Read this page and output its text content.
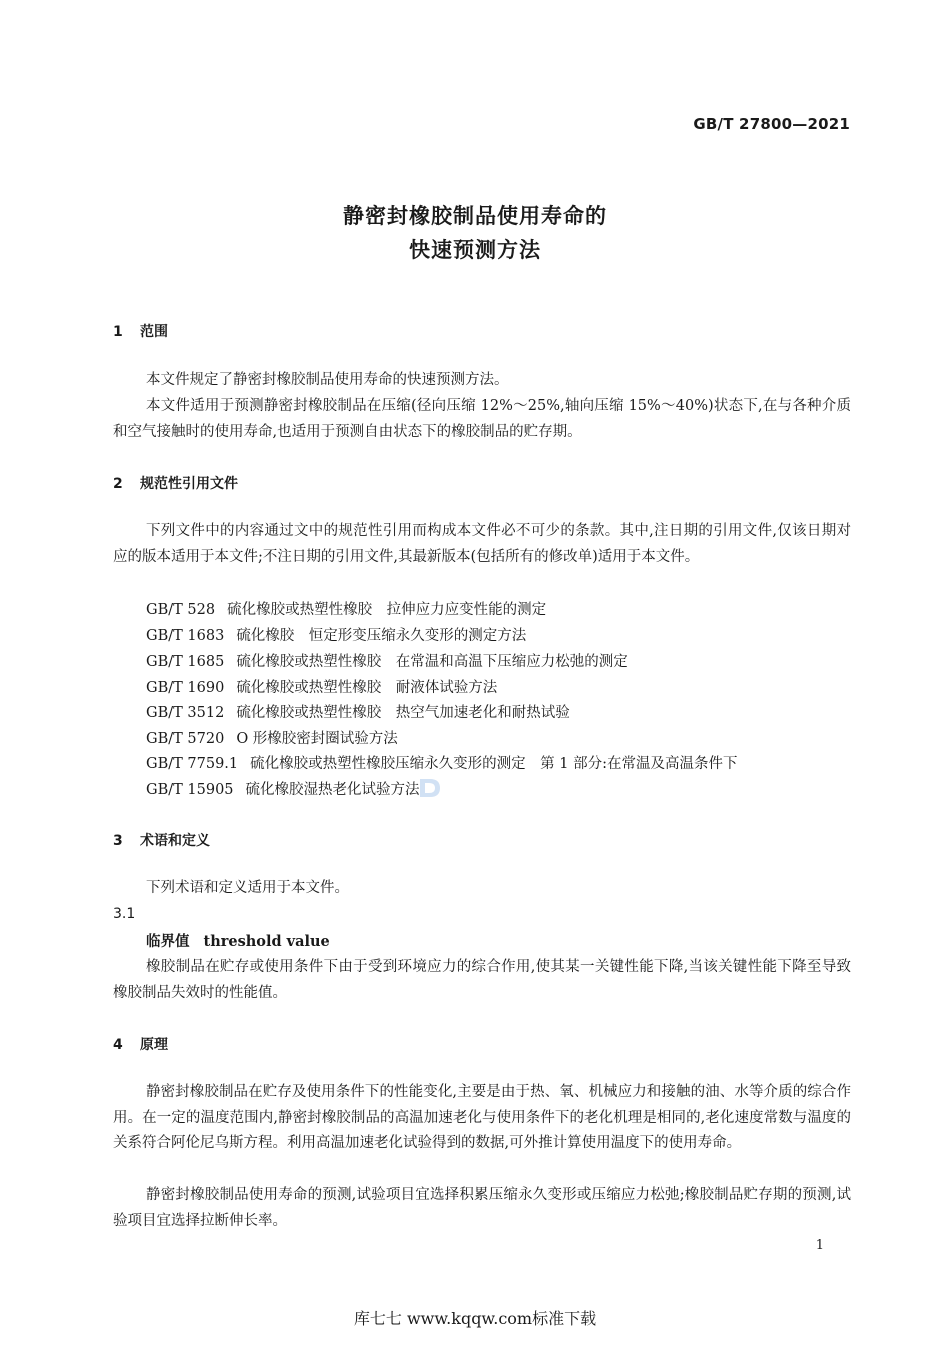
GB/T 27800—2021
静密封橡胶制品使用寿命的
快速预测方法
1 范围
本文件规定了静密封橡胶制品使用寿命的快速预测方法。
本文件适用于预测静密封橡胶制品在压缩(径向压缩 12%～25%,轴向压缩 15%～40%)状态下,在与各种介质和空气接触时的使用寿命,也适用于预测自由状态下的橡胶制品的贮存期。
2 规范性引用文件
下列文件中的内容通过文中的规范性引用而构成本文件必不可少的条款。其中,注日期的引用文件,仅该日期对应的版本适用于本文件;不注日期的引用文件,其最新版本(包括所有的修改单)适用于本文件。
GB/T 528 硫化橡胶或热塑性橡胶　拉伸应力应变性能的测定
GB/T 1683 硫化橡胶　恒定形变压缩永久变形的测定方法
GB/T 1685 硫化橡胶或热塑性橡胶　在常温和高温下压缩应力松弛的测定
GB/T 1690 硫化橡胶或热塑性橡胶　耐液体试验方法
GB/T 3512 硫化橡胶或热塑性橡胶　热空气加速老化和耐热试验
GB/T 5720 O 形橡胶密封圈试验方法
GB/T 7759.1 硫化橡胶或热塑性橡胶压缩永久变形的测定　第 1 部分:在常温及高温条件下
GB/T 15905 硫化橡胶湿热老化试验方法
3 术语和定义
下列术语和定义适用于本文件。
3.1
临界值 threshold value
橡胶制品在贮存或使用条件下由于受到环境应力的综合作用,使其某一关键性能下降,当该关键性能下降至导致橡胶制品失效时的性能值。
4 原理
静密封橡胶制品在贮存及使用条件下的性能变化,主要是由于热、氧、机械应力和接触的油、水等介质的综合作用。在一定的温度范围内,静密封橡胶制品的高温加速老化与使用条件下的老化机理是相同的,老化速度常数与温度的关系符合阿伦尼乌斯方程。利用高温加速老化试验得到的数据,可外推计算使用温度下的使用寿命。
静密封橡胶制品使用寿命的预测,试验项目宜选择积累压缩永久变形或压缩应力松弛;橡胶制品贮存期的预测,试验项目宜选择拉断伸长率。
1
库七七 www.kqqw.com标准下载
